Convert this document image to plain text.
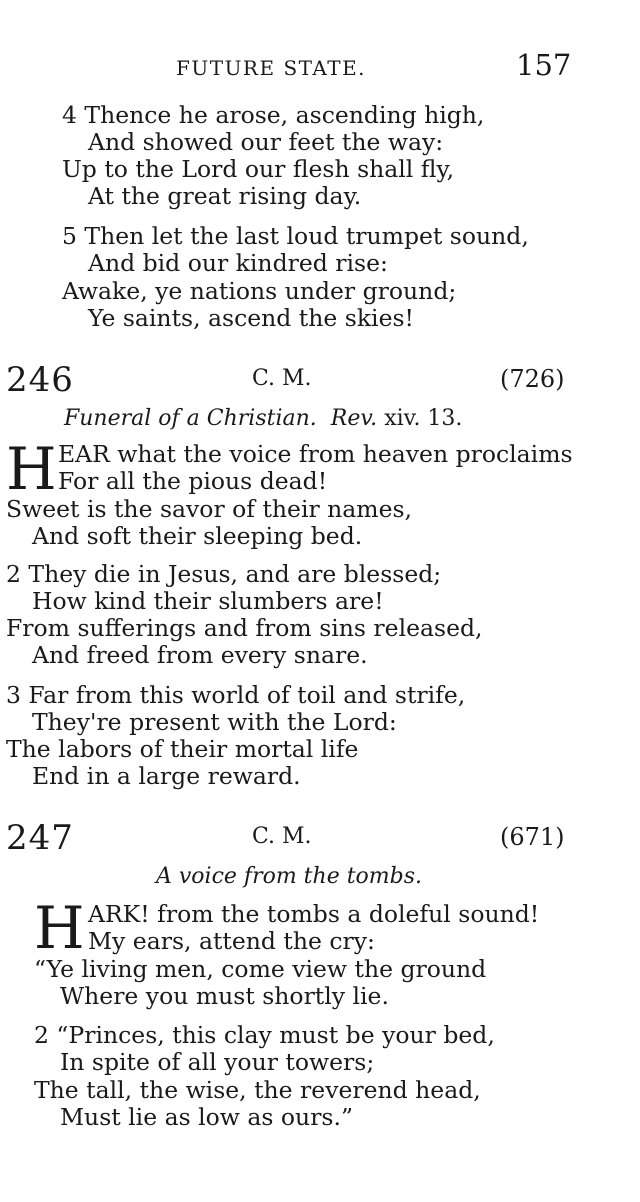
FUTURE STATE.	157
4 Thence he arose, ascending high,
And showed our feet the way:
Up to the Lord our flesh shall fly,
At the great rising day.
5 Then let the last loud trumpet sound,
And bid our kindred rise:
Awake, ye nations under ground;
Ye saints, ascend the skies!
246	C. M.	(726)
Funeral of a Christian. Rev. xiv. 13.
H EAR what the voice from heaven proclaims
For all the pious dead!
Sweet is the savor of their names,
And soft their sleeping bed.
2 They die in Jesus, and are blessed;
How kind their slumbers are!
From sufferings and from sins released,
And freed from every snare.
3 Far from this world of toil and strife,
They're present with the Lord:
The labors of their mortal life
End in a large reward.
247	C. M.	(671)
A voice from the tombs.
H ARK! from the tombs a doleful sound!
My ears, attend the cry:
“Ye living men, come view the ground
Where you must shortly lie.
2 “Princes, this clay must be your bed,
In spite of all your towers;
The tall, the wise, the reverend head,
Must lie as low as ours.”
